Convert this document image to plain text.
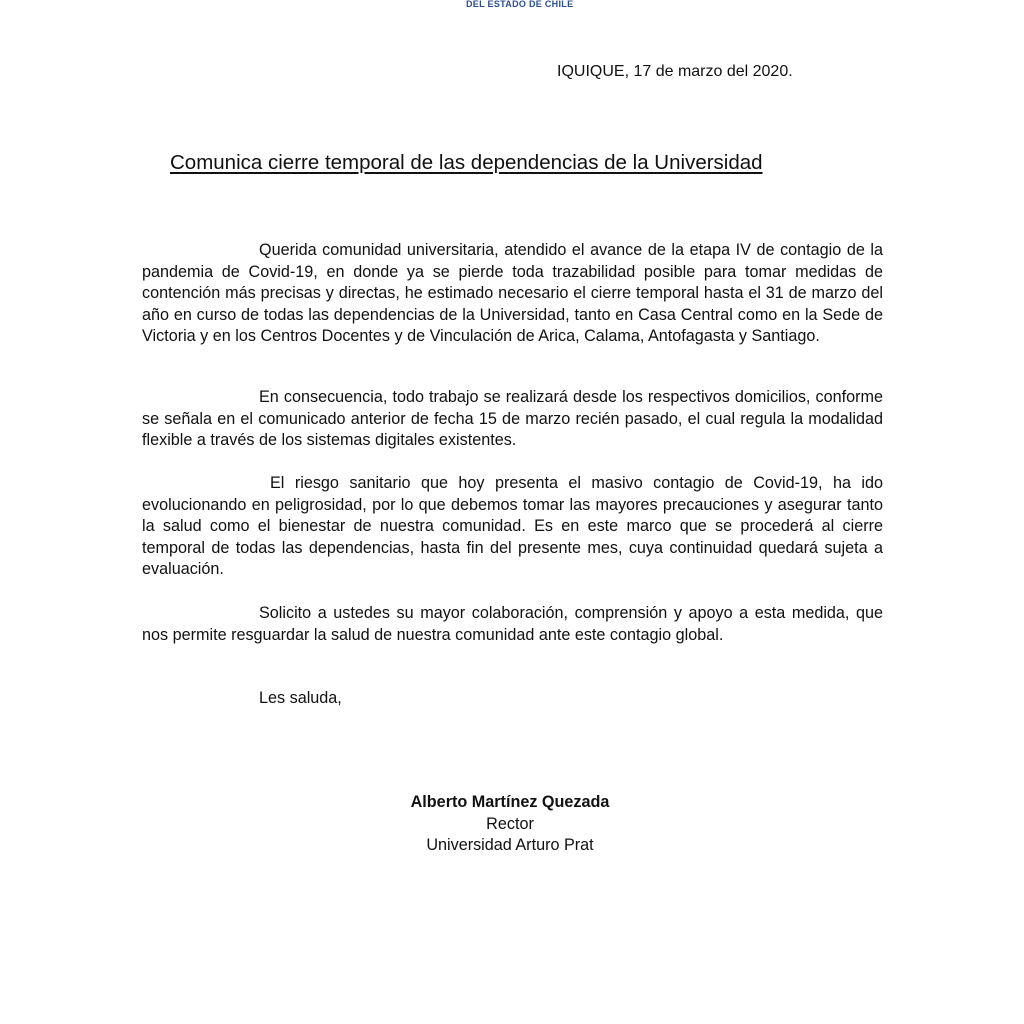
DEL ESTADO DE CHILE
IQUIQUE, 17 de marzo del 2020.
Comunica cierre temporal de las dependencias de la Universidad

Querida comunidad universitaria, atendido el avance de la etapa IV de contagio de la pandemia de Covid-19, en donde ya se pierde toda trazabilidad posible para tomar medidas de contención más precisas y directas, he estimado necesario el cierre temporal hasta el 31 de marzo del año en curso de todas las dependencias de la Universidad, tanto en Casa Central como en la Sede de Victoria y en los Centros Docentes y de Vinculación de Arica, Calama, Antofagasta y Santiago.

En consecuencia, todo trabajo se realizará desde los respectivos domicilios, conforme se señala en el comunicado anterior de fecha 15 de marzo recién pasado, el cual regula la modalidad flexible a través de los sistemas digitales existentes.

El riesgo sanitario que hoy presenta el masivo contagio de Covid-19, ha ido evolucionando en peligrosidad, por lo que debemos tomar las mayores precauciones y asegurar tanto la salud como el bienestar de nuestra comunidad. Es en este marco que se procederá al cierre temporal de todas las dependencias, hasta fin del presente mes, cuya continuidad quedará sujeta a evaluación.

Solicito a ustedes su mayor colaboración, comprensión y apoyo a esta medida, que nos permite resguardar la salud de nuestra comunidad ante este contagio global.

Les saluda,
Alberto Martínez Quezada
Rector
Universidad Arturo Prat
